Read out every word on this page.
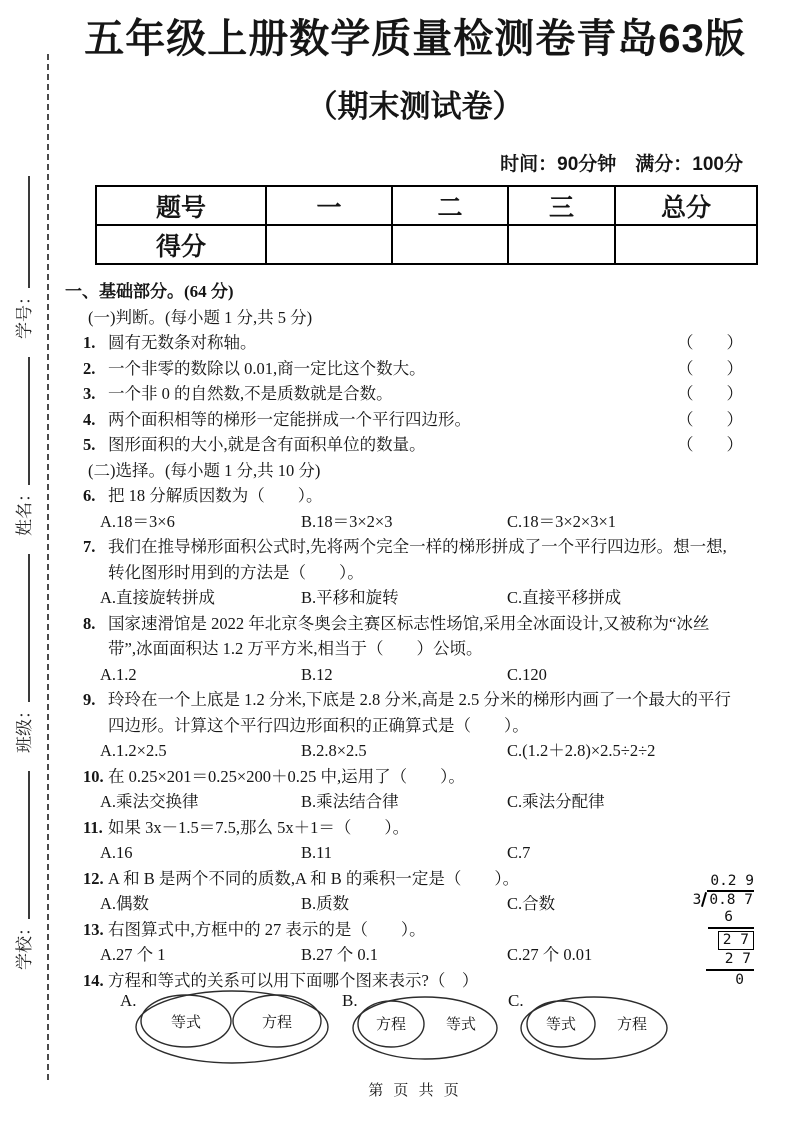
学校：班级：姓名：学号：
五年级上册数学质量检测卷青岛63版
（期末测试卷）
时间：90分钟　满分：100分
题号	一	二	三	总分
得分				
一、基础部分。(64 分)
(一)判断。(每小题 1 分,共 5 分)
1. 圆有无数条对称轴。	（　　）
2. 一个非零的数除以 0.01,商一定比这个数大。	（　　）
3. 一个非 0 的自然数,不是质数就是合数。	（　　）
4. 两个面积相等的梯形一定能拼成一个平行四边形。	（　　）
5. 图形面积的大小,就是含有面积单位的数量。	（　　）
(二)选择。(每小题 1 分,共 10 分)
6. 把 18 分解质因数为（　　）。
A.18＝3×6	B.18＝3×2×3	C.18＝3×2×3×1
7. 我们在推导梯形面积公式时,先将两个完全一样的梯形拼成了一个平行四边形。想一想,
转化图形时用到的方法是（　　）。
A.直接旋转拼成	B.平移和旋转	C.直接平移拼成
8. 国家速滑馆是 2022 年北京冬奥会主赛区标志性场馆,采用全冰面设计,又被称为“冰丝
带”,冰面面积达 1.2 万平方米,相当于（　　）公顷。
A.1.2	B.12	C.120
9. 玲玲在一个上底是 1.2 分米,下底是 2.8 分米,高是 2.5 分米的梯形内画了一个最大的平行
四边形。计算这个平行四边形面积的正确算式是（　　）。
A.1.2×2.5	B.2.8×2.5	C.(1.2＋2.8)×2.5÷2÷2
10. 在 0.25×201＝0.25×200＋0.25 中,运用了（　　）。
A.乘法交换律	B.乘法结合律	C.乘法分配律
11. 如果 3x－1.5＝7.5,那么 5x＋1＝（　　）。
A.16	B.11	C.7
12. A 和 B 是两个不同的质数,A 和 B 的乘积一定是（　　）。
A.偶数	B.质数	C.合数
13. 右图算式中,方框中的 27 表示的是（　　）。
A.27 个 1	B.27 个 0.1	C.27 个 0.01
14. 方程和等式的关系可以用下面哪个图来表示?（　）
A.
等式	方程
B.
方程	等式
C.
等式	方程
0.2 9
3 0.8 7
6
2 7
2 7
0
第 页 共 页
